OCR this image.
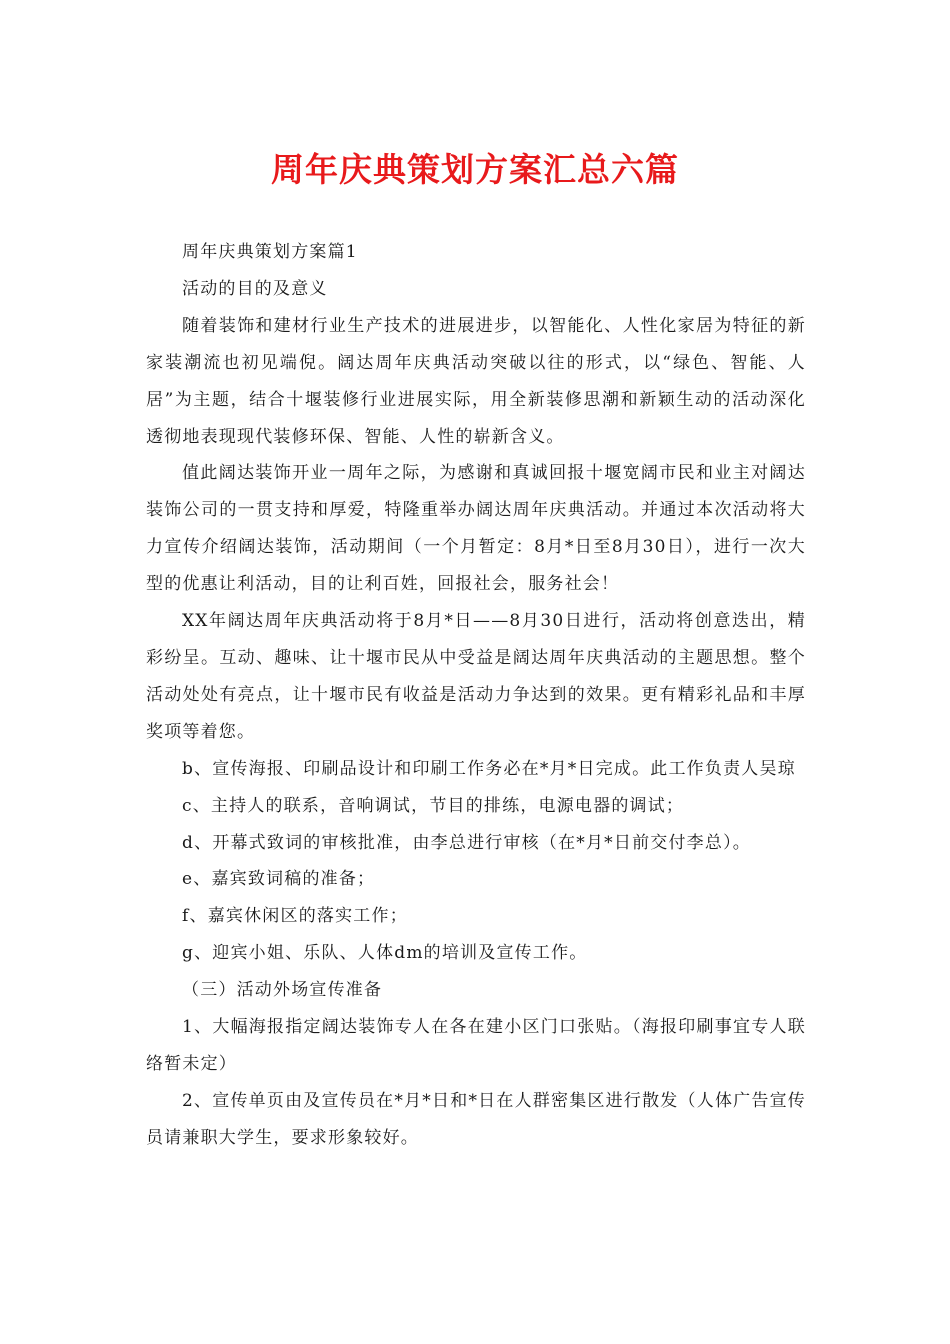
周年庆典策划方案汇总六篇

周年庆典策划方案篇1

活动的目的及意义

随着装饰和建材行业生产技术的进展进步，以智能化、人性化家居为特征的新家装潮流也初见端倪。阔达周年庆典活动突破以往的形式，以“绿色、智能、人居”为主题，结合十堰装修行业进展实际，用全新装修思潮和新颖生动的活动深化透彻地表现现代装修环保、智能、人性的崭新含义。

值此阔达装饰开业一周年之际，为感谢和真诚回报十堰宽阔市民和业主对阔达装饰公司的一贯支持和厚爱，特隆重举办阔达周年庆典活动。并通过本次活动将大力宣传介绍阔达装饰，活动期间（一个月暂定：8月*日至8月30日），进行一次大型的优惠让利活动，目的让利百姓，回报社会，服务社会！

XX年阔达周年庆典活动将于8月*日——8月30日进行，活动将创意迭出，精彩纷呈。互动、趣味、让十堰市民从中受益是阔达周年庆典活动的主题思想。整个活动处处有亮点，让十堰市民有收益是活动力争达到的效果。更有精彩礼品和丰厚奖项等着您。

b、宣传海报、印刷品设计和印刷工作务必在*月*日完成。此工作负责人吴琼

c、主持人的联系，音响调试，节目的排练，电源电器的调试；

d、开幕式致词的审核批准，由李总进行审核（在*月*日前交付李总）。

e、嘉宾致词稿的准备；

f、嘉宾休闲区的落实工作；

g、迎宾小姐、乐队、人体dm的培训及宣传工作。

（三）活动外场宣传准备

1、大幅海报指定阔达装饰专人在各在建小区门口张贴。（海报印刷事宜专人联络暂未定）

2、宣传单页由及宣传员在*月*日和*日在人群密集区进行散发（人体广告宣传员请兼职大学生，要求形象较好。
